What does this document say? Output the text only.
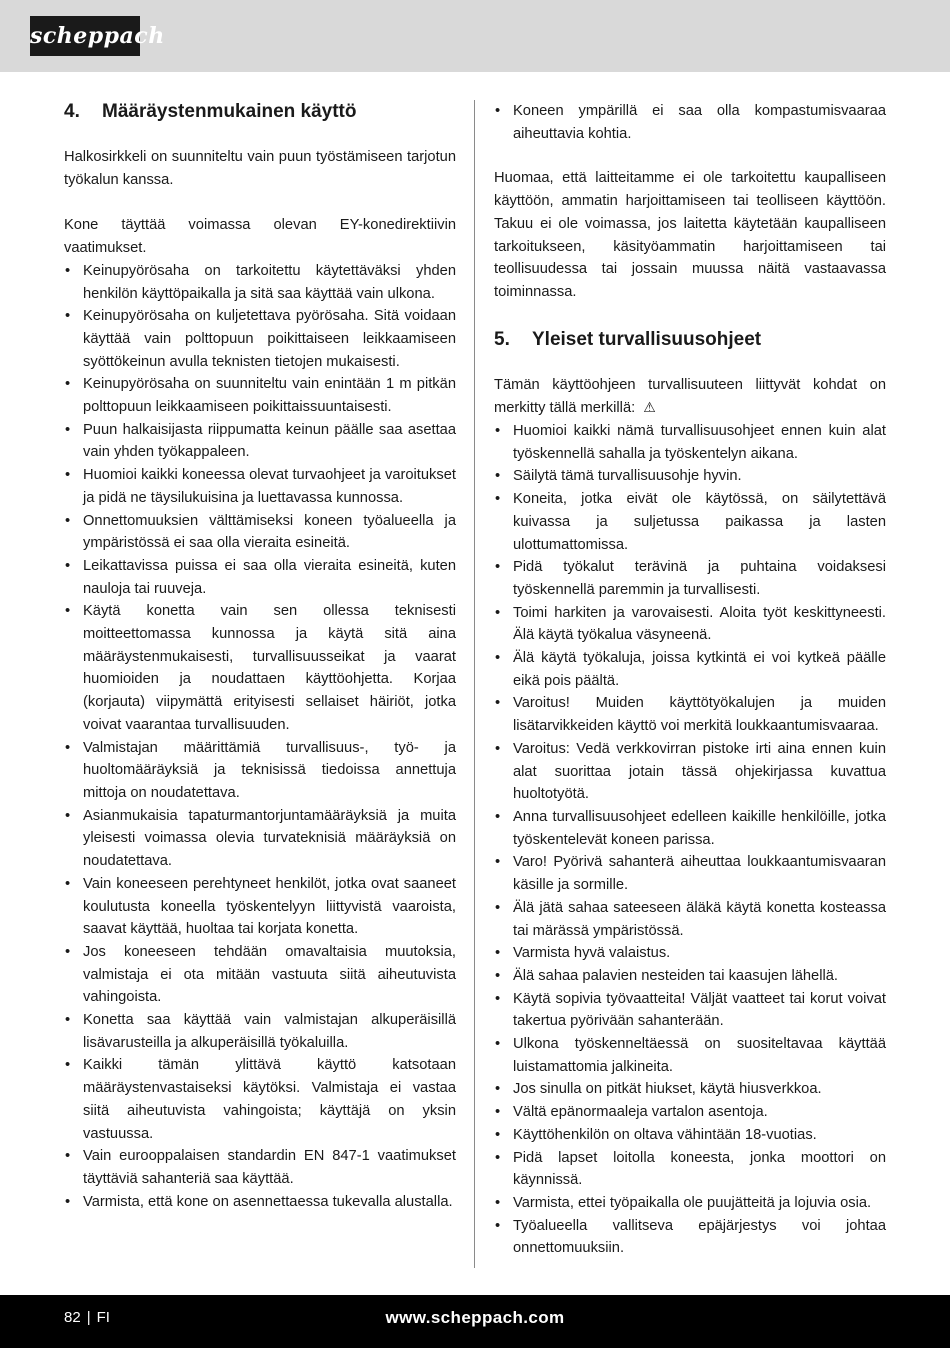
scheppach
4.	Määräystenmukainen käyttö

Halkosirkkeli on suunniteltu vain puun työstämiseen tarjotun työkalun kanssa.

Kone täyttää voimassa olevan EY-konedirektiivin vaatimukset.

• Keinupyörösaha on tarkoitettu käytettäväksi yhden henkilön käyttöpaikalla ja sitä saa käyttää vain ulkona.
• Keinupyörösaha on kuljetettava pyörösaha. Sitä voidaan käyttää vain polttopuun poikittaiseen leikkaamiseen syöttökeinun avulla teknisten tietojen mukaisesti.
• Keinupyörösaha on suunniteltu vain enintään 1 m pitkän polttopuun leikkaamiseen poikittaissuuntaisesti.
• Puun halkaisijasta riippumatta keinun päälle saa asettaa vain yhden työkappaleen.
• Huomioi kaikki koneessa olevat turvaohjeet ja varoitukset ja pidä ne täysilukuisina ja luettavassa kunnossa.
• Onnettomuuksien välttämiseksi koneen työalueella ja ympäristössä ei saa olla vieraita esineitä.
• Leikattavissa puissa ei saa olla vieraita esineitä, kuten nauloja tai ruuveja.
• Käytä konetta vain sen ollessa teknisesti moitteettomassa kunnossa ja käytä sitä aina määräystenmukaisesti, turvallisuusseikat ja vaarat huomioiden ja noudattaen käyttöohjetta. Korjaa (korjauta) viipymättä erityisesti sellaiset häiriöt, jotka voivat vaarantaa turvallisuuden.
• Valmistajan määrittämiä turvallisuus-, työ- ja huoltomääräyksiä ja teknisissä tiedoissa annettuja mittoja on noudatettava.
• Asianmukaisia tapaturmantorjuntamääräyksiä ja muita yleisesti voimassa olevia turvateknisiä määräyksiä on noudatettava.
• Vain koneeseen perehtyneet henkilöt, jotka ovat saaneet koulutusta koneella työskentelyyn liittyvistä vaaroista, saavat käyttää, huoltaa tai korjata konetta.
• Jos koneeseen tehdään omavaltaisia muutoksia, valmistaja ei ota mitään vastuuta siitä aiheutuvista vahingoista.
• Konetta saa käyttää vain valmistajan alkuperäisillä lisävarusteilla ja alkuperäisillä työkaluilla.
• Kaikki tämän ylittävä käyttö katsotaan määräystenvastaiseksi käytöksi. Valmistaja ei vastaa siitä aiheutuvista vahingoista; käyttäjä on yksin vastuussa.
• Vain eurooppalaisen standardin EN 847-1 vaatimukset täyttäviä sahanteriä saa käyttää.
• Varmista, että kone on asennettaessa tukevalla alustalla.
• Koneen ympärillä ei saa olla kompastumisvaaraa aiheuttavia kohtia.

Huomaa, että laitteitamme ei ole tarkoitettu kaupalliseen käyttöön, ammatin harjoittamiseen tai teolliseen käyttöön. Takuu ei ole voimassa, jos laitetta käytetään kaupalliseen tarkoitukseen, käsityöammatin harjoittamiseen tai teollisuudessa tai jossain muussa näitä vastaavassa toiminnassa.

5.	Yleiset turvallisuusohjeet

Tämän käyttöohjeen turvallisuuteen liittyvät kohdat on merkitty tällä merkillä: ⚠

• Huomioi kaikki nämä turvallisuusohjeet ennen kuin alat työskennellä sahalla ja työskentelyn aikana.
• Säilytä tämä turvallisuusohje hyvin.
• Koneita, jotka eivät ole käytössä, on säilytettävä kuivassa ja suljetussa paikassa ja lasten ulottumattomissa.
• Pidä työkalut terävinä ja puhtaina voidaksesi työskennellä paremmin ja turvallisesti.
• Toimi harkiten ja varovaisesti. Aloita työt keskittyneesti. Älä käytä työkalua väsyneenä.
• Älä käytä työkaluja, joissa kytkintä ei voi kytkeä päälle eikä pois päältä.
• Varoitus! Muiden käyttötyökalujen ja muiden lisätarvikkeiden käyttö voi merkitä loukkaantumisvaaraa.
• Varoitus: Vedä verkkovirran pistoke irti aina ennen kuin alat suorittaa jotain tässä ohjekirjassa kuvattua huoltotyötä.
• Anna turvallisuusohjeet edelleen kaikille henkilöille, jotka työskentelevät koneen parissa.
• Varo! Pyörivä sahanterä aiheuttaa loukkaantumisvaaran käsille ja sormille.
• Älä jätä sahaa sateeseen äläkä käytä konetta kosteassa tai märässä ympäristössä.
• Varmista hyvä valaistus.
• Älä sahaa palavien nesteiden tai kaasujen lähellä.
• Käytä sopivia työvaatteita! Väljät vaatteet tai korut voivat takertua pyörivään sahanterään.
• Ulkona työskenneltäessä on suositeltavaa käyttää luistamattomia jalkineita.
• Jos sinulla on pitkät hiukset, käytä hiusverkkoa.
• Vältä epänormaaleja vartalon asentoja.
• Käyttöhenkilön on oltava vähintään 18-vuotias.
• Pidä lapset loitolla koneesta, jonka moottori on käynnissä.
• Varmista, ettei työpaikalla ole puujätteitä ja lojuvia osia.
• Työalueella vallitseva epäjärjestys voi johtaa onnettomuuksiin.
82 | FI	www.scheppach.com
